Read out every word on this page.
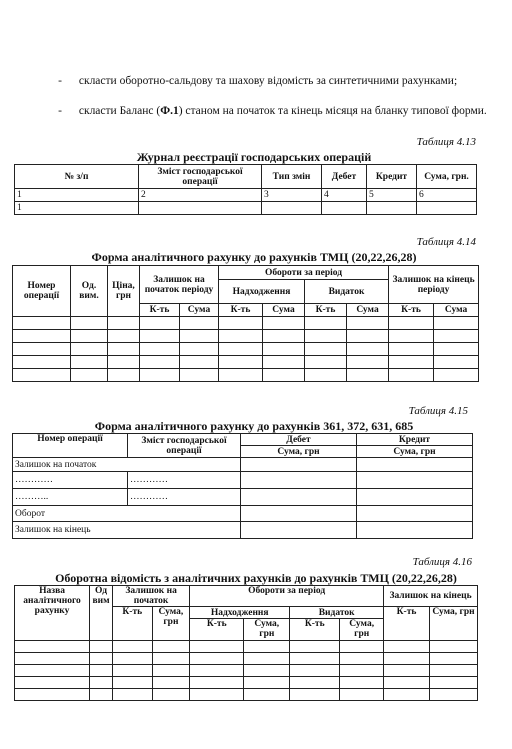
- скласти оборотно-сальдову та шахову відомість за синтетичними рахунками;
- скласти Баланс (Ф.1) станом на початок та кінець місяця на бланку типової форми.
Таблиця 4.13
Журнал реєстрації господарських операцій
№ з/п	Зміст господарської операції	Тип змін	Дебет	Кредит	Сума, грн.
1	2	3	4	5	6
1					
Таблиця 4.14
Форма аналітичного рахунку до рахунків ТМЦ (20,22,26,28)
Номер операції	Од. вим.	Ціна, грн	Залишок на початок періоду		Обороти за період				Залишок на кінець періоду	
					Надходження		Видаток			
			К-ть	Сума	К-ть	Сума	К-ть	Сума	К-ть	Сума

Таблиця 4.15
Форма аналітичного рахунку до рахунків 361, 372, 631, 685
Номер операції	Зміст господарської операції	Дебет	Кредит
		Сума, грн	Сума, грн
Залишок на початок			
…………	…………		
………..	…………		
Оборот			
Залишок на кінець			
Таблиця 4.16
Оборотна відомість з аналітичних рахунків до рахунків ТМЦ (20,22,26,28)
Назва аналітичного рахунку	Од вим	Залишок на початок		Обороти за період				Залишок на кінець	
		К-ть	Сума, грн	Надходження		Видаток		К-ть	Сума, грн
				К-ть	Сума, грн	К-ть	Сума, грн		
